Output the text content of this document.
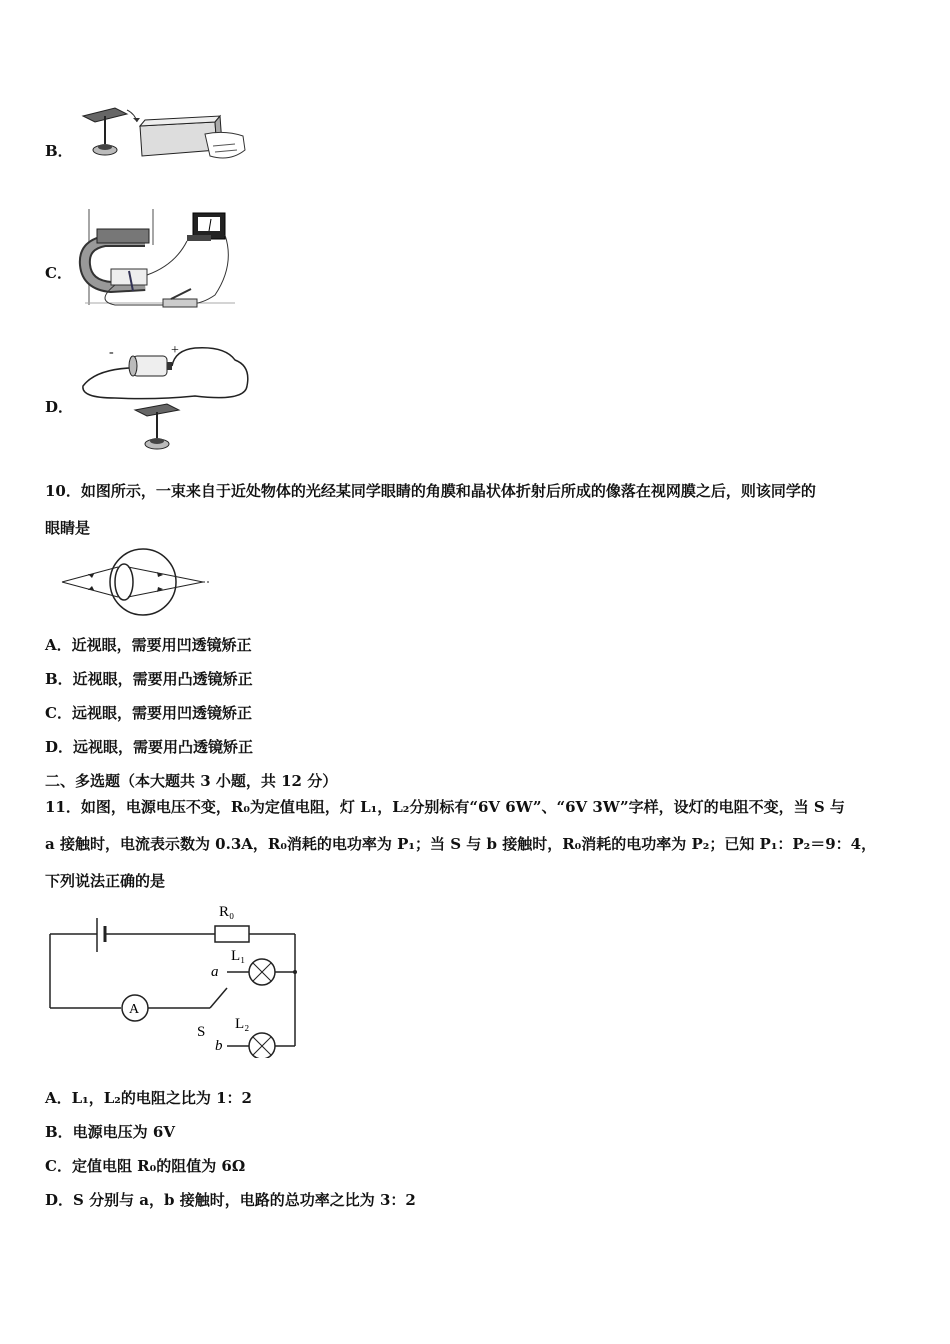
B．
C．
D．
-	+
10．如图所示，一束来自于近处物体的光经某同学眼睛的角膜和晶状体折射后所成的像落在视网膜之后，则该同学的
眼睛是
A．近视眼，需要用凹透镜矫正
B．近视眼，需要用凸透镜矫正
C．远视眼，需要用凹透镜矫正
D．远视眼，需要用凸透镜矫正
二、多选题（本大题共 3 小题，共 12 分）
11．如图，电源电压不变，R₀为定值电阻，灯 L₁，L₂分别标有“6V 6W”、“6V 3W”字样，设灯的电阻不变，当 S 与
a 接触时，电流表示数为 0.3A，R₀消耗的电功率为 P₁；当 S 与 b 接触时，R₀消耗的电功率为 P₂；已知 P₁：P₂＝9：4，
下列说法正确的是
R₀
A
S
a
L₁
b
L₂
A．L₁，L₂的电阻之比为 1：2
B．电源电压为 6V
C．定值电阻 R₀的阻值为 6Ω
D．S 分别与 a，b 接触时，电路的总功率之比为 3：2
